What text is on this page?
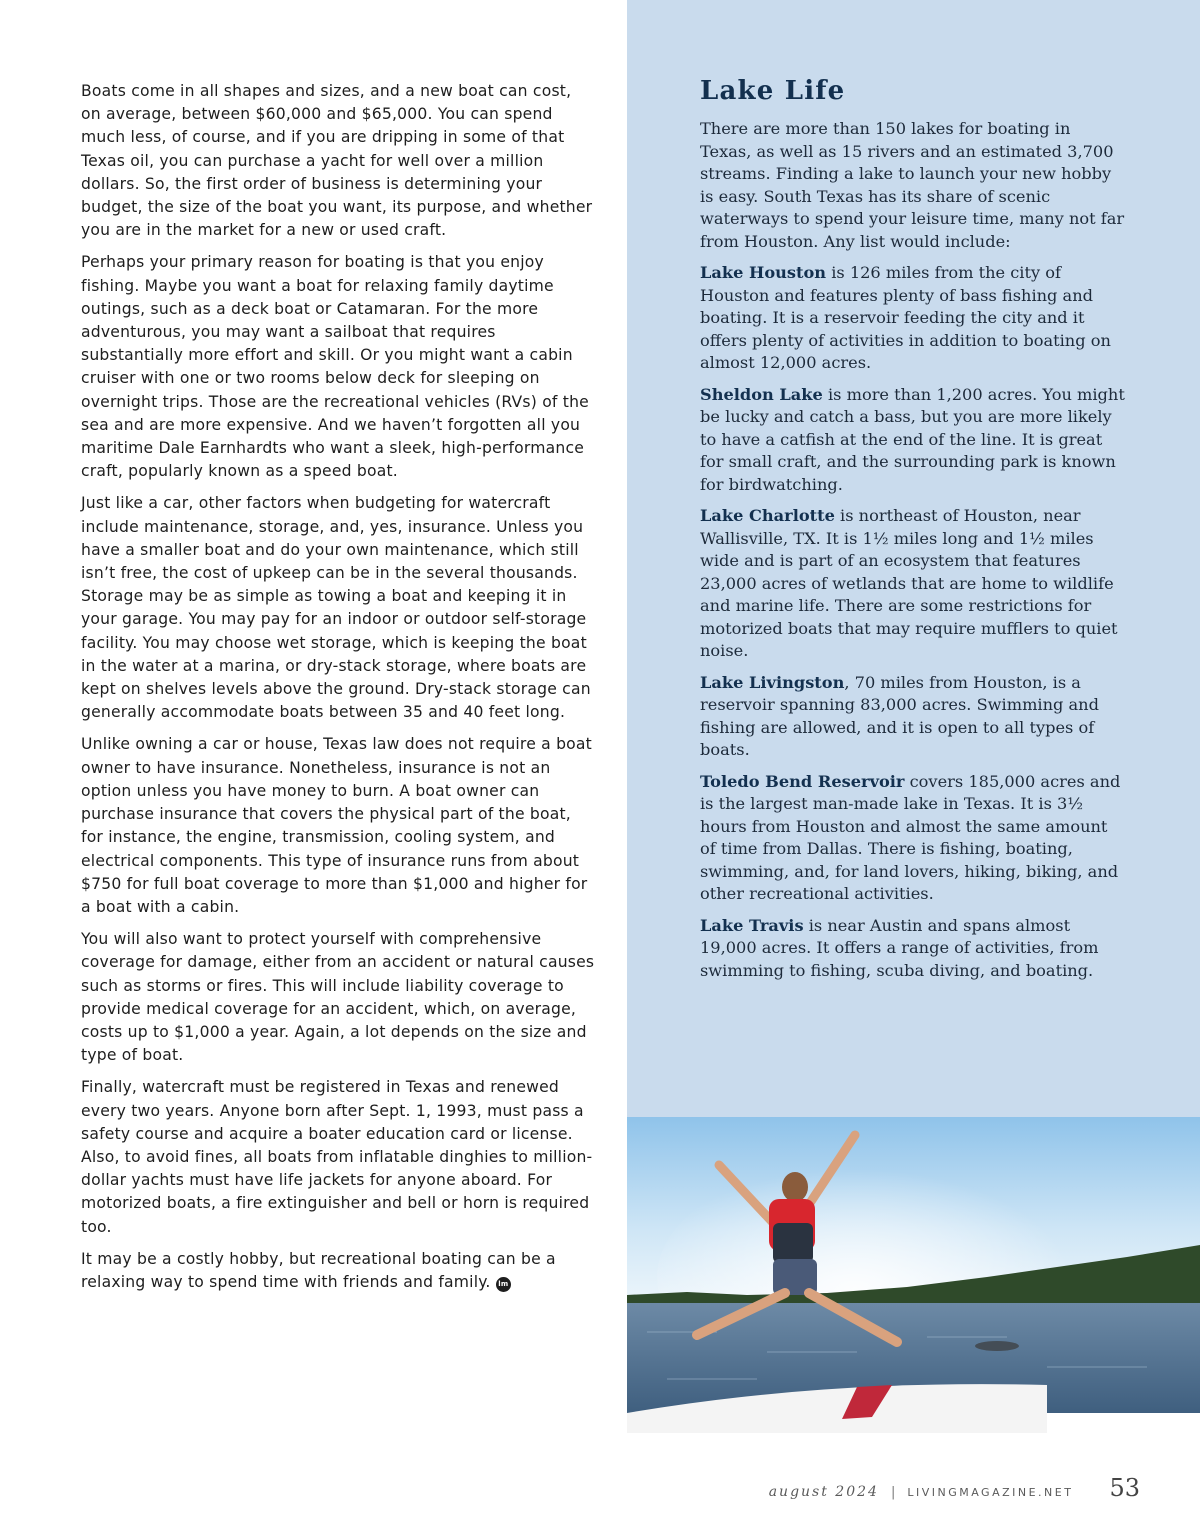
Boats come in all shapes and sizes, and a new boat can cost, on average, between $60,000 and $65,000. You can spend much less, of course, and if you are dripping in some of that Texas oil, you can purchase a yacht for well over a million dollars. So, the first order of business is determining your budget, the size of the boat you want, its purpose, and whether you are in the market for a new or used craft.

Perhaps your primary reason for boating is that you enjoy fishing. Maybe you want a boat for relaxing family daytime outings, such as a deck boat or Catamaran. For the more adventurous, you may want a sailboat that requires substantially more effort and skill. Or you might want a cabin cruiser with one or two rooms below deck for sleeping on overnight trips. Those are the recreational vehicles (RVs) of the sea and are more expensive. And we haven’t forgotten all you maritime Dale Earnhardts who want a sleek, high-performance craft, popularly known as a speed boat.

Just like a car, other factors when budgeting for watercraft include maintenance, storage, and, yes, insurance. Unless you have a smaller boat and do your own maintenance, which still isn’t free, the cost of upkeep can be in the several thousands. Storage may be as simple as towing a boat and keeping it in your garage. You may pay for an indoor or outdoor self-storage facility. You may choose wet storage, which is keeping the boat in the water at a marina, or dry-stack storage, where boats are kept on shelves levels above the ground. Dry-stack storage can generally accommodate boats between 35 and 40 feet long.

Unlike owning a car or house, Texas law does not require a boat owner to have insurance. Nonetheless, insurance is not an option unless you have money to burn. A boat owner can purchase insurance that covers the physical part of the boat, for instance, the engine, transmission, cooling system, and electrical components. This type of insurance runs from about $750 for full boat coverage to more than $1,000 and higher for a boat with a cabin.

You will also want to protect yourself with comprehensive coverage for damage, either from an accident or natural causes such as storms or fires. This will include liability coverage to provide medical coverage for an accident, which, on average, costs up to $1,000 a year. Again, a lot depends on the size and type of boat.

Finally, watercraft must be registered in Texas and renewed every two years. Anyone born after Sept. 1, 1993, must pass a safety course and acquire a boater education card or license. Also, to avoid fines, all boats from inflatable dinghies to million-dollar yachts must have life jackets for anyone aboard. For motorized boats, a fire extinguisher and bell or horn is required too.

It may be a costly hobby, but recreational boating can be a relaxing way to spend time with friends and family. lm

Lake Life

There are more than 150 lakes for boating in Texas, as well as 15 rivers and an estimated 3,700 streams. Finding a lake to launch your new hobby is easy. South Texas has its share of scenic waterways to spend your leisure time, many not far from Houston. Any list would include:

Lake Houston is 126 miles from the city of Houston and features plenty of bass fishing and boating. It is a reservoir feeding the city and it offers plenty of activities in addition to boating on almost 12,000 acres.

Sheldon Lake is more than 1,200 acres. You might be lucky and catch a bass, but you are more likely to have a catfish at the end of the line. It is great for small craft, and the surrounding park is known for birdwatching.

Lake Charlotte is northeast of Houston, near Wallisville, TX. It is 1½ miles long and 1½ miles wide and is part of an ecosystem that features 23,000 acres of wetlands that are home to wildlife and marine life. There are some restrictions for motorized boats that may require mufflers to quiet noise.

Lake Livingston, 70 miles from Houston, is a reservoir spanning 83,000 acres. Swimming and fishing are allowed, and it is open to all types of boats.

Toledo Bend Reservoir covers 185,000 acres and is the largest man-made lake in Texas. It is 3½ hours from Houston and almost the same amount of time from Dallas. There is fishing, boating, swimming, and, for land lovers, hiking, biking, and other recreational activities.

Lake Travis is near Austin and spans almost 19,000 acres. It offers a range of activities, from swimming to fishing, scuba diving, and boating.

august 2024 | LIVINGMAGAZINE.NET 53
